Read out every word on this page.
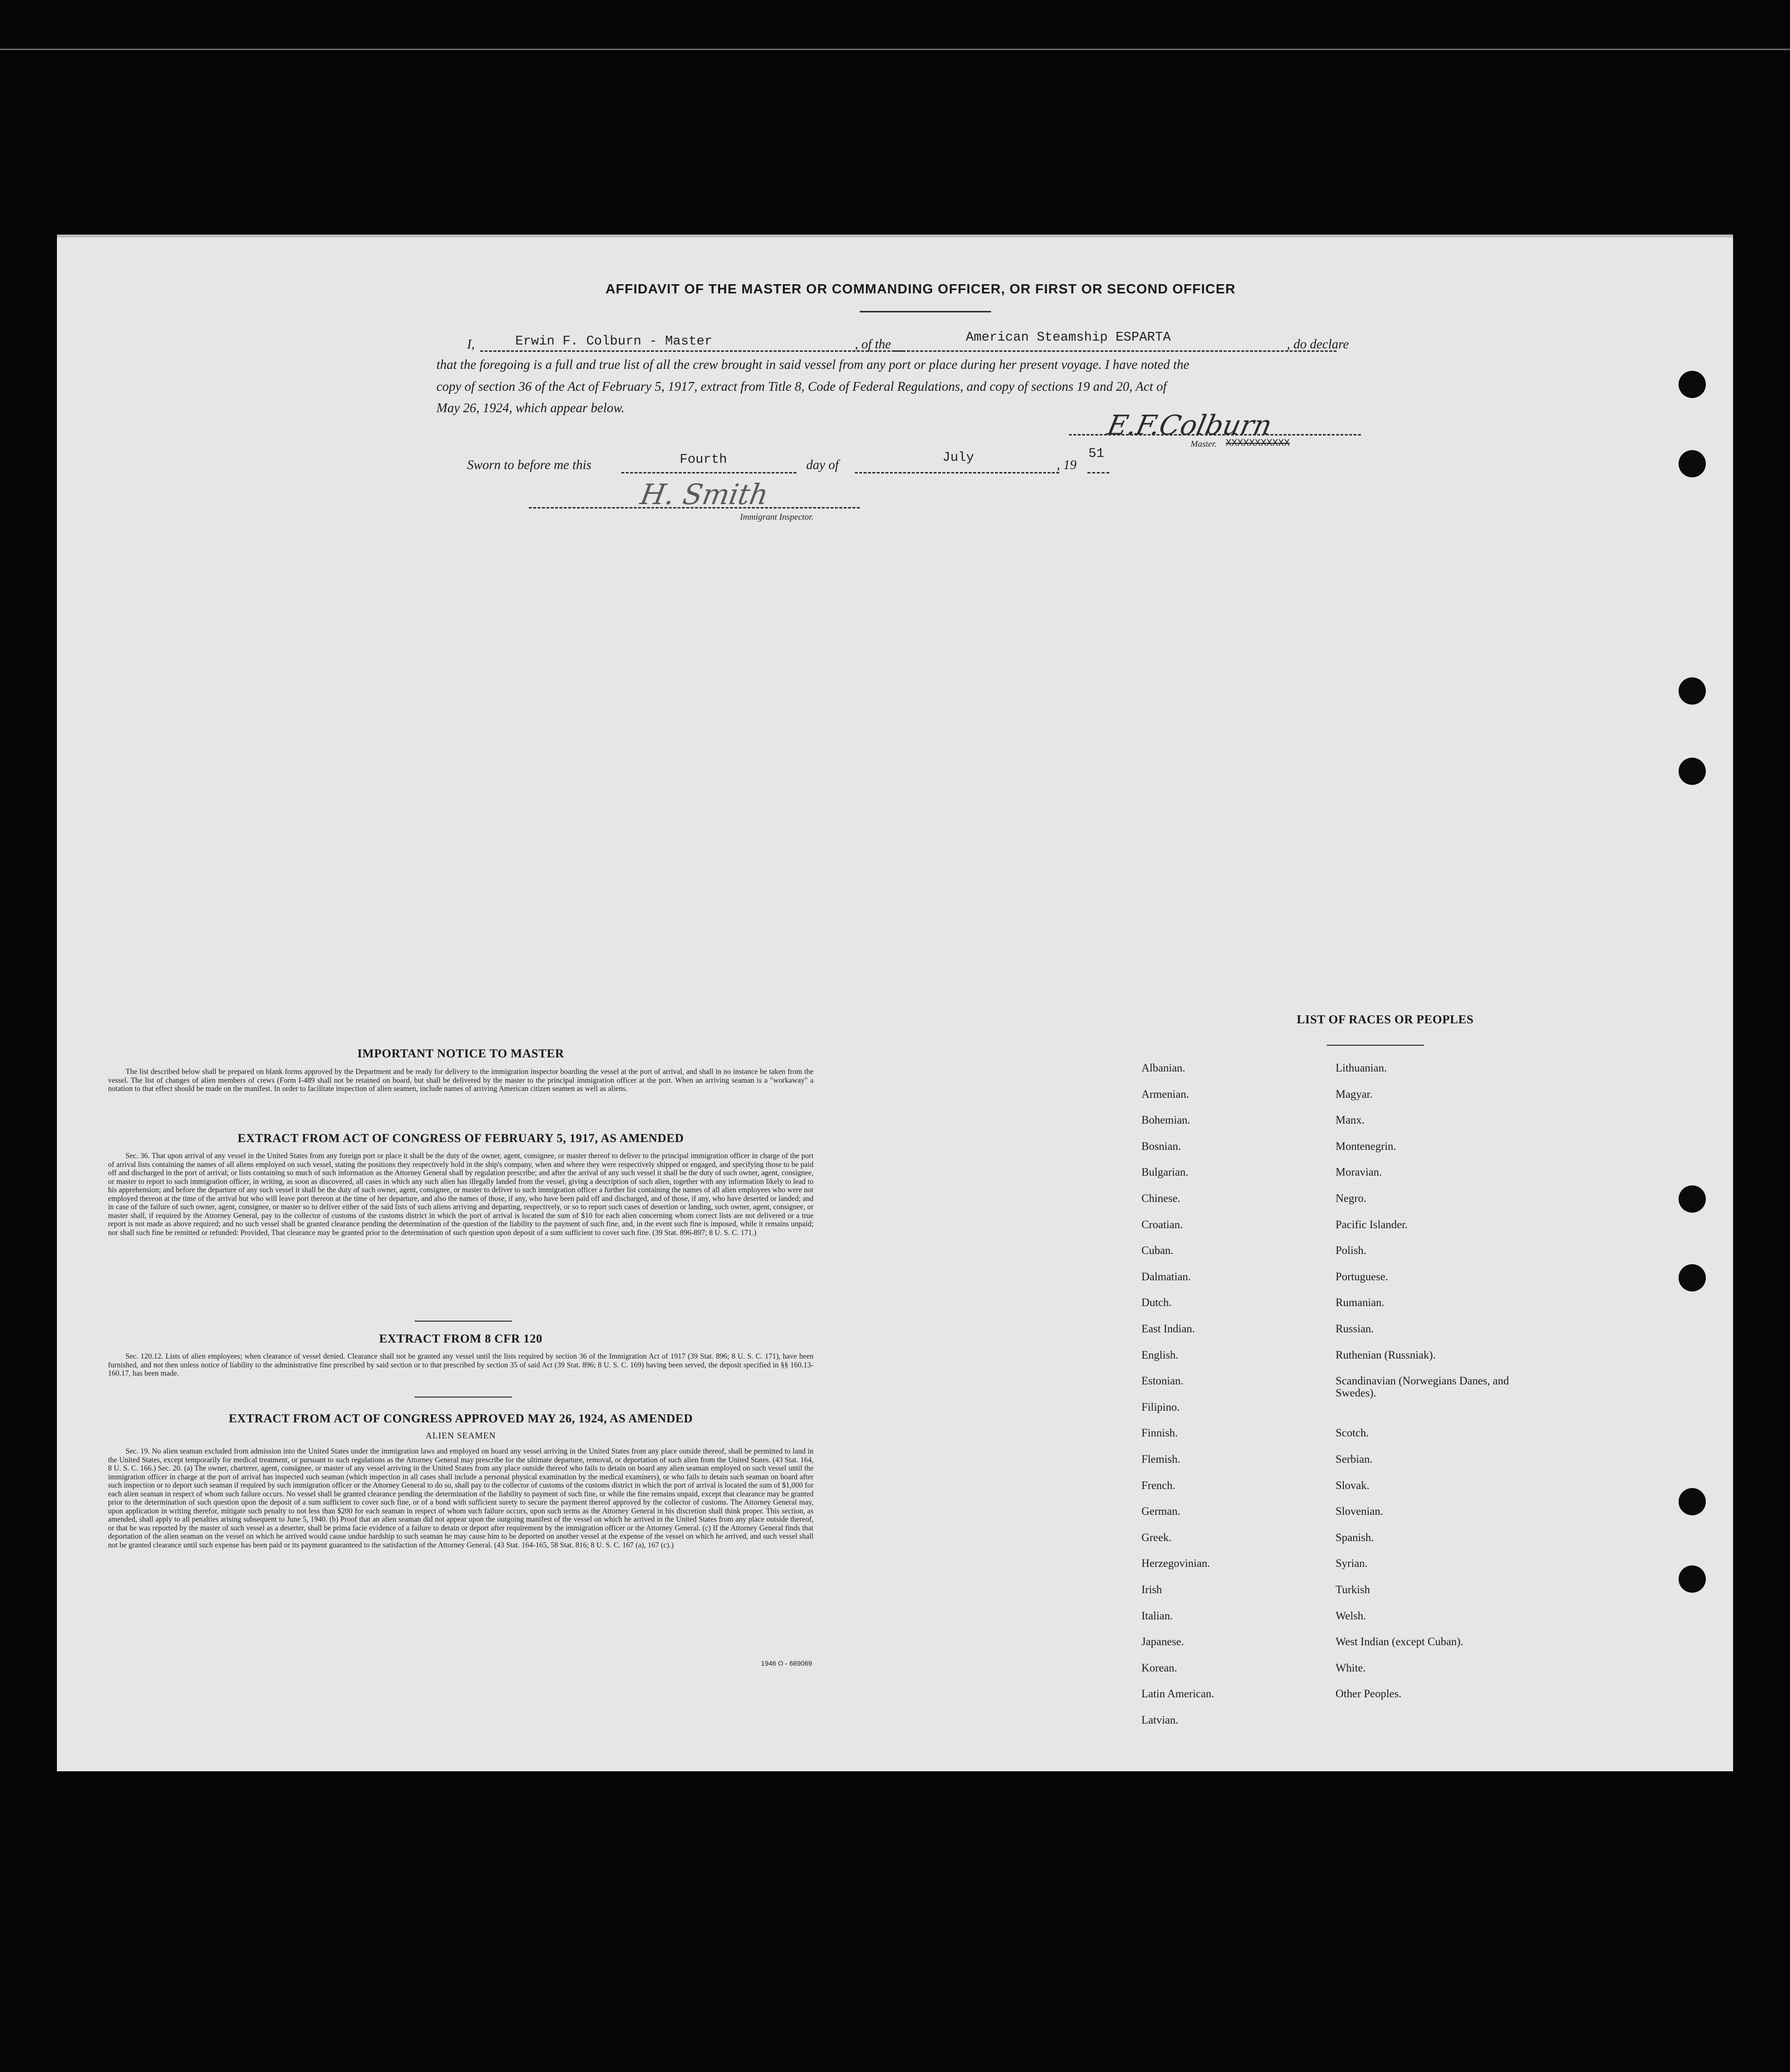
AFFIDAVIT OF THE MASTER OR COMMANDING OFFICER, OR FIRST OR SECOND OFFICER
I,	Erwin F. Colburn - Master	, of the	American Steamship ESPARTA	, do declare
that the foregoing is a full and true list of all the crew brought in said vessel from any port or place during her present voyage. I have noted the
copy of section 36 of the Act of February 5, 1917, extract from Title 8, Code of Federal Regulations, and copy of sections 19 and 20, Act of
May 26, 1924, which appear below.
E.F.Colburn
Master. XXXXXXXXXXX
Sworn to before me this	Fourth	day of	July	, 19
51
H. Smith
Immigrant Inspector.
IMPORTANT NOTICE TO MASTER
The list described below shall be prepared on blank forms approved by the Department and be ready for delivery to the immigration inspector boarding the vessel at the port of arrival, and shall in no instance be taken from the vessel. The list of changes of alien members of crews (Form I-489 shall not be retained on board, but shall be delivered by the master to the principal immigration officer at the port. When an arriving seaman is a "workaway" a notation to that effect should be made on the manifest. In order to facilitate inspection of alien seamen, include names of arriving American citizen seamen as well as aliens.
EXTRACT FROM ACT OF CONGRESS OF FEBRUARY 5, 1917, AS AMENDED
Sec. 36. That upon arrival of any vessel in the United States from any foreign port or place it shall be the duty of the owner, agent, consignee, or master thereof to deliver to the principal immigration officer in charge of the port of arrival lists containing the names of all aliens employed on such vessel, stating the positions they respectively hold in the ship's company, when and where they were respectively shipped or engaged, and specifying those to be paid off and discharged in the port of arrival; or lists containing so much of such information as the Attorney General shall by regulation prescribe; and after the arrival of any such vessel it shall be the duty of such owner, agent, consignee, or master to report to such immigration officer, in writing, as soon as discovered, all cases in which any such alien has illegally landed from the vessel, giving a description of such alien, together with any information likely to lead to his apprehension; and before the departure of any such vessel it shall be the duty of such owner, agent, consignee, or master to deliver to such immigration officer a further list containing the names of all alien employees who were not employed thereon at the time of the arrival but who will leave port thereon at the time of her departure, and also the names of those, if any, who have been paid off and discharged, and of those, if any, who have deserted or landed; and in case of the failure of such owner, agent, consignee, or master so to deliver either of the said lists of such aliens arriving and departing, respectively, or so to report such cases of desertion or landing, such owner, agent, consignee, or master shall, if required by the Attorney General, pay to the collector of customs of the customs district in which the port of arrival is located the sum of $10 for each alien concerning whom correct lists are not delivered or a true report is not made as above required; and no such vessel shall be granted clearance pending the determination of the question of the liability to the payment of such fine, and, in the event such fine is imposed, while it remains unpaid; nor shall such fine be remitted or refunded: Provided, That clearance may be granted prior to the determination of such question upon deposit of a sum sufficient to cover such fine. (39 Stat. 896-897; 8 U. S. C. 171.)
EXTRACT FROM 8 CFR 120
Sec. 120.12. Lists of alien employees; when clearance of vessel denied. Clearance shall not be granted any vessel until the lists required by section 36 of the Immigration Act of 1917 (39 Stat. 896; 8 U. S. C. 171), have been furnished, and not then unless notice of liability to the administrative fine prescribed by said section or to that prescribed by section 35 of said Act (39 Stat. 896; 8 U. S. C. 169) having been served, the deposit specified in §§ 160.13-160.17, has been made.
EXTRACT FROM ACT OF CONGRESS APPROVED MAY 26, 1924, AS AMENDED
ALIEN SEAMEN
Sec. 19. No alien seaman excluded from admission into the United States under the immigration laws and employed on board any vessel arriving in the United States from any place outside thereof, shall be permitted to land in the United States, except temporarily for medical treatment, or pursuant to such regulations as the Attorney General may prescribe for the ultimate departure, removal, or deportation of such alien from the United States. (43 Stat. 164, 8 U. S. C. 166.) Sec. 20. (a) The owner, charterer, agent, consignee, or master of any vessel arriving in the United States from any place outside thereof who fails to detain on board any alien seaman employed on such vessel until the immigration officer in charge at the port of arrival has inspected such seaman (which inspection in all cases shall include a personal physical examination by the medical examiners), or who fails to detain such seaman on board after such inspection or to deport such seaman if required by such immigration officer or the Attorney General to do so, shall pay to the collector of customs of the customs district in which the port of arrival is located the sum of $1,000 for each alien seaman in respect of whom such failure occurs. No vessel shall be granted clearance pending the determination of the liability to payment of such fine, or while the fine remains unpaid, except that clearance may be granted prior to the determination of such question upon the deposit of a sum sufficient to cover such fine, or of a bond with sufficient surety to secure the payment thereof approved by the collector of customs. The Attorney General may, upon application in writing therefor, mitigate such penalty to not less than $200 for each seaman in respect of whom such failure occurs, upon such terms as the Attorney General in his discretion shall think proper. This section, as amended, shall apply to all penalties arising subsequent to June 5, 1940. (b) Proof that an alien seaman did not appear upon the outgoing manifest of the vessel on which he arrived in the United States from any place outside thereof, or that he was reported by the master of such vessel as a deserter, shall be prima facie evidence of a failure to detain or deport after requirement by the immigration officer or the Attorney General. (c) If the Attorney General finds that deportation of the alien seaman on the vessel on which he arrived would cause undue hardship to such seaman he may cause him to be deported on another vessel at the expense of the vessel on which he arrived, and such vessel shall not be granted clearance until such expense has been paid or its payment guaranteed to the satisfaction of the Attorney General. (43 Stat. 164-165, 58 Stat. 816; 8 U. S. C. 167 (a), 167 (c).)
1946 O - 689069
LIST OF RACES OR PEOPLES
Albanian.
Armenian.
Bohemian.
Bosnian.
Bulgarian.
Chinese.
Croatian.
Cuban.
Dalmatian.
Dutch.
East Indian.
English.
Estonian.
Filipino.
Finnish.
Flemish.
French.
German.
Greek.
Herzegovinian.
Irish
Italian.
Japanese.
Korean.
Latin American.
Latvian.
Lithuanian.
Magyar.
Manx.
Montenegrin.
Moravian.
Negro.
Pacific Islander.
Polish.
Portuguese.
Rumanian.
Russian.
Ruthenian (Russniak).
Scandinavian (Norwegians Danes, and Swedes).
Scotch.
Serbian.
Slovak.
Slovenian.
Spanish.
Syrian.
Turkish
Welsh.
West Indian (except Cuban).
White.
Other Peoples.
